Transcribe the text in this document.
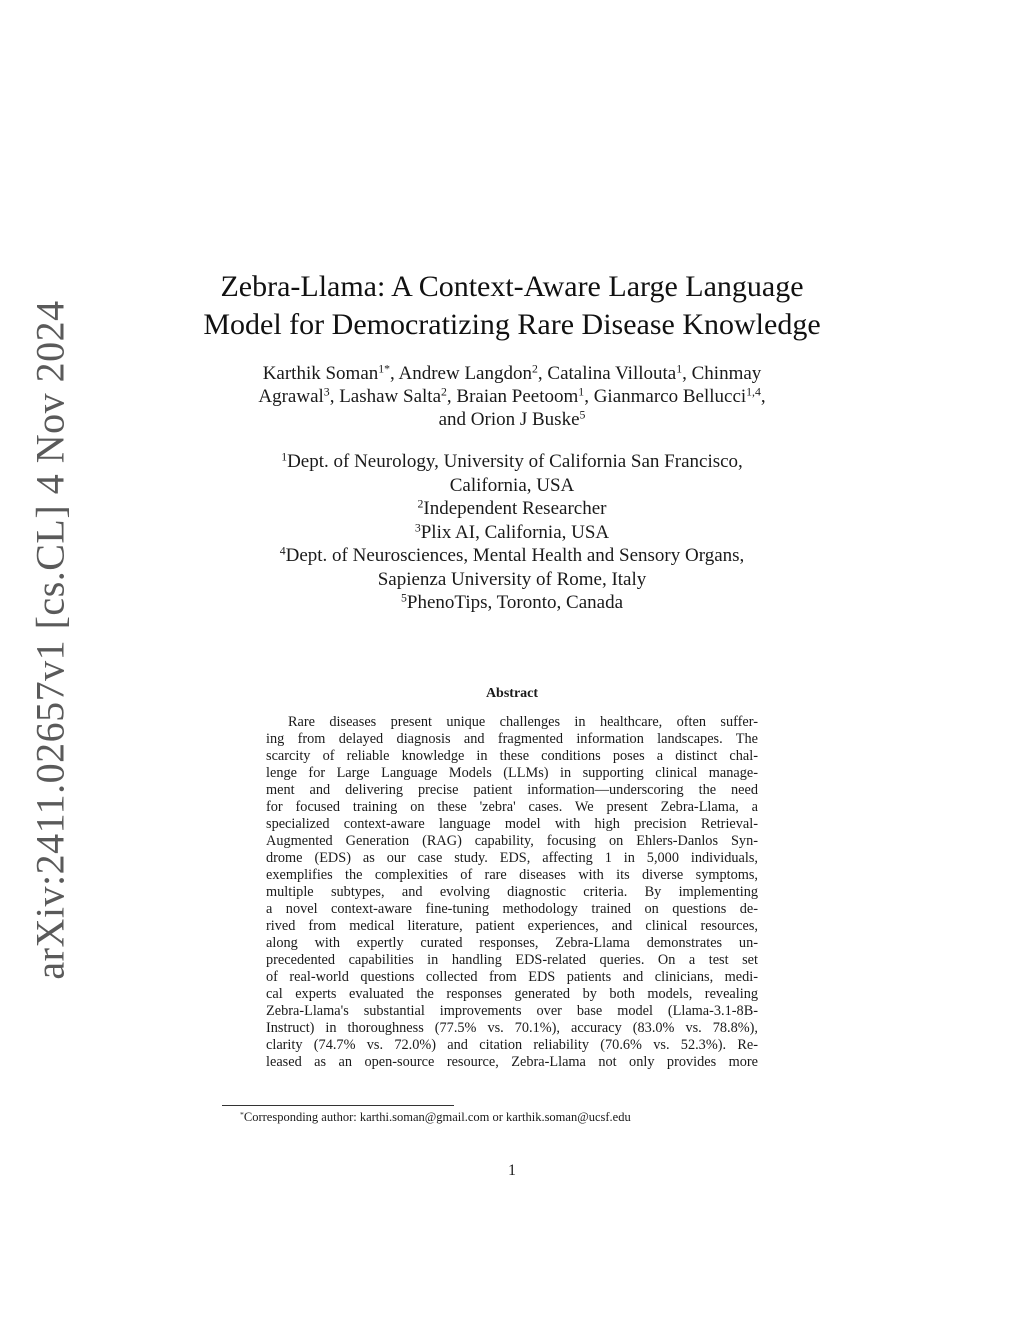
arXiv:2411.02657v1 [cs.CL] 4 Nov 2024
Zebra-Llama: A Context-Aware Large Language
Model for Democratizing Rare Disease Knowledge
Karthik Soman$^{1*}$, Andrew Langdon$^2$, Catalina Villouta$^1$, Chinmay
Agrawal$^3$, Lashaw Salta$^2$, Braian Peetoom$^1$, Gianmarco Bellucci$^{1,4}$,
and Orion J Buske$^5$
$^1$Dept. of Neurology, University of California San Francisco,
California, USA
$^2$Independent Researcher
$^3$Plix AI, California, USA
$^4$Dept. of Neurosciences, Mental Health and Sensory Organs,
Sapienza University of Rome, Italy
$^5$PhenoTips, Toronto, Canada
Abstract
Rare diseases present unique challenges in healthcare, often suffer-
ing from delayed diagnosis and fragmented information landscapes. The
scarcity of reliable knowledge in these conditions poses a distinct chal-
lenge for Large Language Models (LLMs) in supporting clinical manage-
ment and delivering precise patient information—underscoring the need
for focused training on these 'zebra' cases. We present Zebra-Llama, a
specialized context-aware language model with high precision Retrieval-
Augmented Generation (RAG) capability, focusing on Ehlers-Danlos Syn-
drome (EDS) as our case study. EDS, affecting 1 in 5,000 individuals,
exemplifies the complexities of rare diseases with its diverse symptoms,
multiple subtypes, and evolving diagnostic criteria. By implementing
a novel context-aware fine-tuning methodology trained on questions de-
rived from medical literature, patient experiences, and clinical resources,
along with expertly curated responses, Zebra-Llama demonstrates un-
precedented capabilities in handling EDS-related queries. On a test set
of real-world questions collected from EDS patients and clinicians, medi-
cal experts evaluated the responses generated by both models, revealing
Zebra-Llama's substantial improvements over base model (Llama-3.1-8B-
Instruct) in thoroughness (77.5% vs. 70.1%), accuracy (83.0% vs. 78.8%),
clarity (74.7% vs. 72.0%) and citation reliability (70.6% vs. 52.3%). Re-
leased as an open-source resource, Zebra-Llama not only provides more
*Corresponding author: karthi.soman@gmail.com or karthik.soman@ucsf.edu
1
